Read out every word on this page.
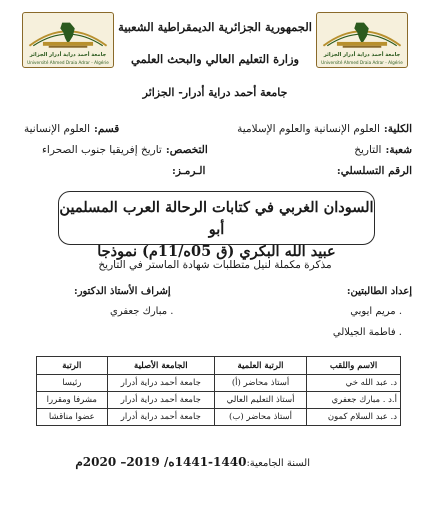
جامعة أحمد دراية أدرار الجزائر
Université Ahmed Draia Adrar - Algérie
جامعة أحمد دراية أدرار الجزائر
Université Ahmed Draia Adrar - Algérie
الجمهورية الجزائرية الديمقراطية الشعبية
وزارة التعليم العالي والبحث العلمي
جامعة أحمد دراية أدرار- الجزائر
الكلية:العلوم الإنسانية والعلوم الإسلامية
قسم:العلوم الإنسانية
شعبة:التاريخ
التخصص:تاريخ إفريقيا جنوب الصحراء
الرقم التسلسلي:
الـرمـز:
السودان الغربي في كتابات الرحالة العرب المسلمين أبو
عبيد الله البكري (ق 05ه/11م) نموذجا
مذكرة مكملة لنيل متطلبات شهادة الماستر في التاريخ
إعداد الطالبتين:
إشراف الأستاذ الدكتور:
. مريم ايوبي
. مبارك جعفري
. فاطمة الجيلالي
الاسم واللقب	الرتبة العلمية	الجامعة الأصلية	الرتبة
د. عبد الله خي	أستاذ محاضر (أ)	جامعة أحمد دراية أدرار	رئيسا
أ.د . مبارك جعفري	أستاذ التعليم العالي	جامعة أحمد دراية أدرار	مشرفا ومقررا
د. عبد السلام كمون	أستاذ محاضر (ب)	جامعة أحمد دراية أدرار	عضوا مناقشا
السنة الجامعية:1440-1441ه/ 2019– 2020م
